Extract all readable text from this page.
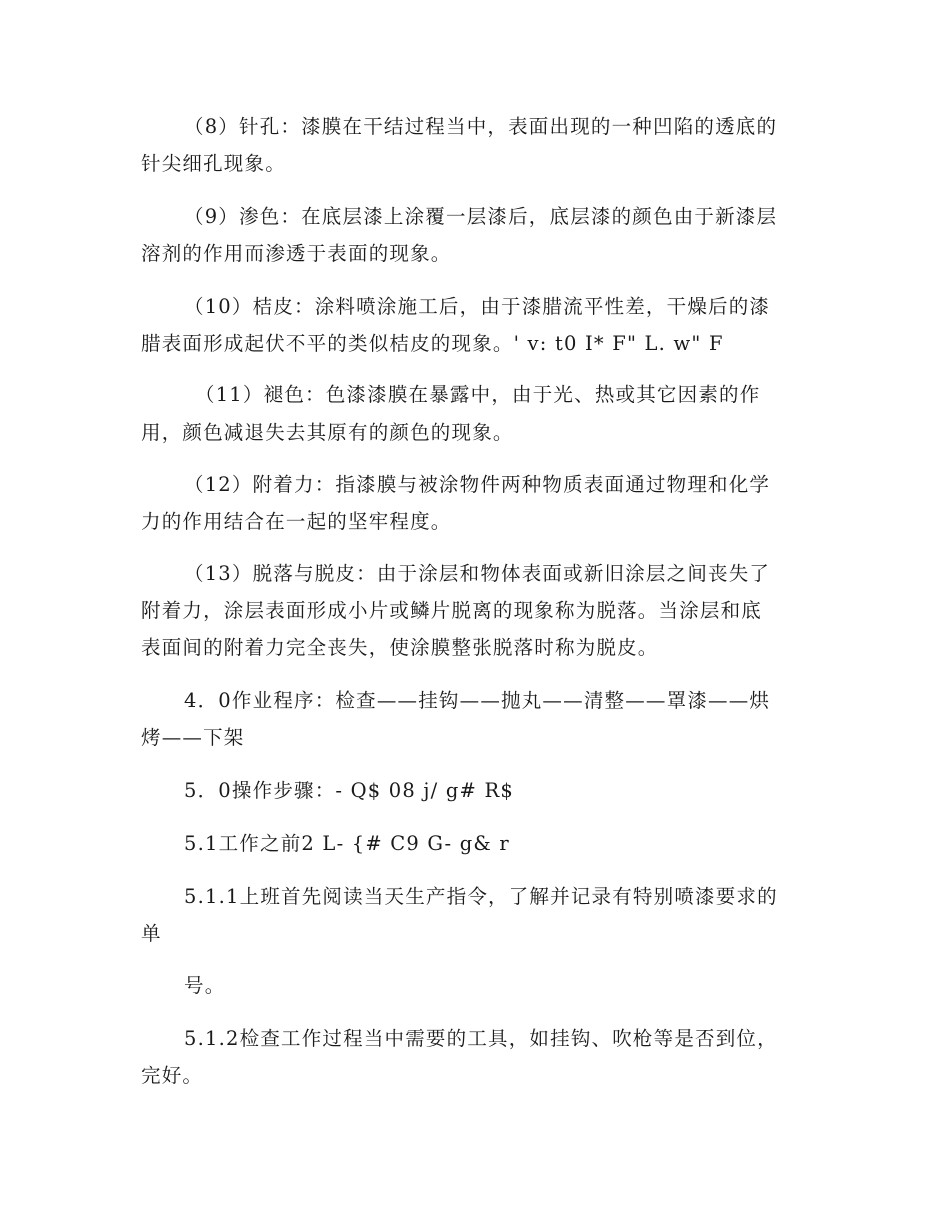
（8）针孔：漆膜在干结过程当中，表面出现的一种凹陷的透底的
针尖细孔现象。
（9）渗色：在底层漆上涂覆一层漆后，底层漆的颜色由于新漆层
溶剂的作用而渗透于表面的现象。
（10）桔皮：涂料喷涂施工后，由于漆腊流平性差，干燥后的漆
腊表面形成起伏不平的类似桔皮的现象。' v: t0 I* F" L. w" F
（11）褪色：色漆漆膜在暴露中，由于光、热或其它因素的作
用，颜色减退失去其原有的颜色的现象。
（12）附着力：指漆膜与被涂物件两种物质表面通过物理和化学
力的作用结合在一起的坚牢程度。
（13）脱落与脱皮：由于涂层和物体表面或新旧涂层之间丧失了
附着力，涂层表面形成小片或鳞片脱离的现象称为脱落。当涂层和底
表面间的附着力完全丧失，使涂膜整张脱落时称为脱皮。
4．0作业程序：检查——挂钩——抛丸——清整——罩漆——烘
烤——下架
5．0操作步骤：- Q$ 08 j/ g# R$
5.1工作之前2 L- {# C9 G- g& r
5.1.1上班首先阅读当天生产指令，了解并记录有特别喷漆要求的
单
号。
5.1.2检查工作过程当中需要的工具，如挂钩、吹枪等是否到位，
完好。
